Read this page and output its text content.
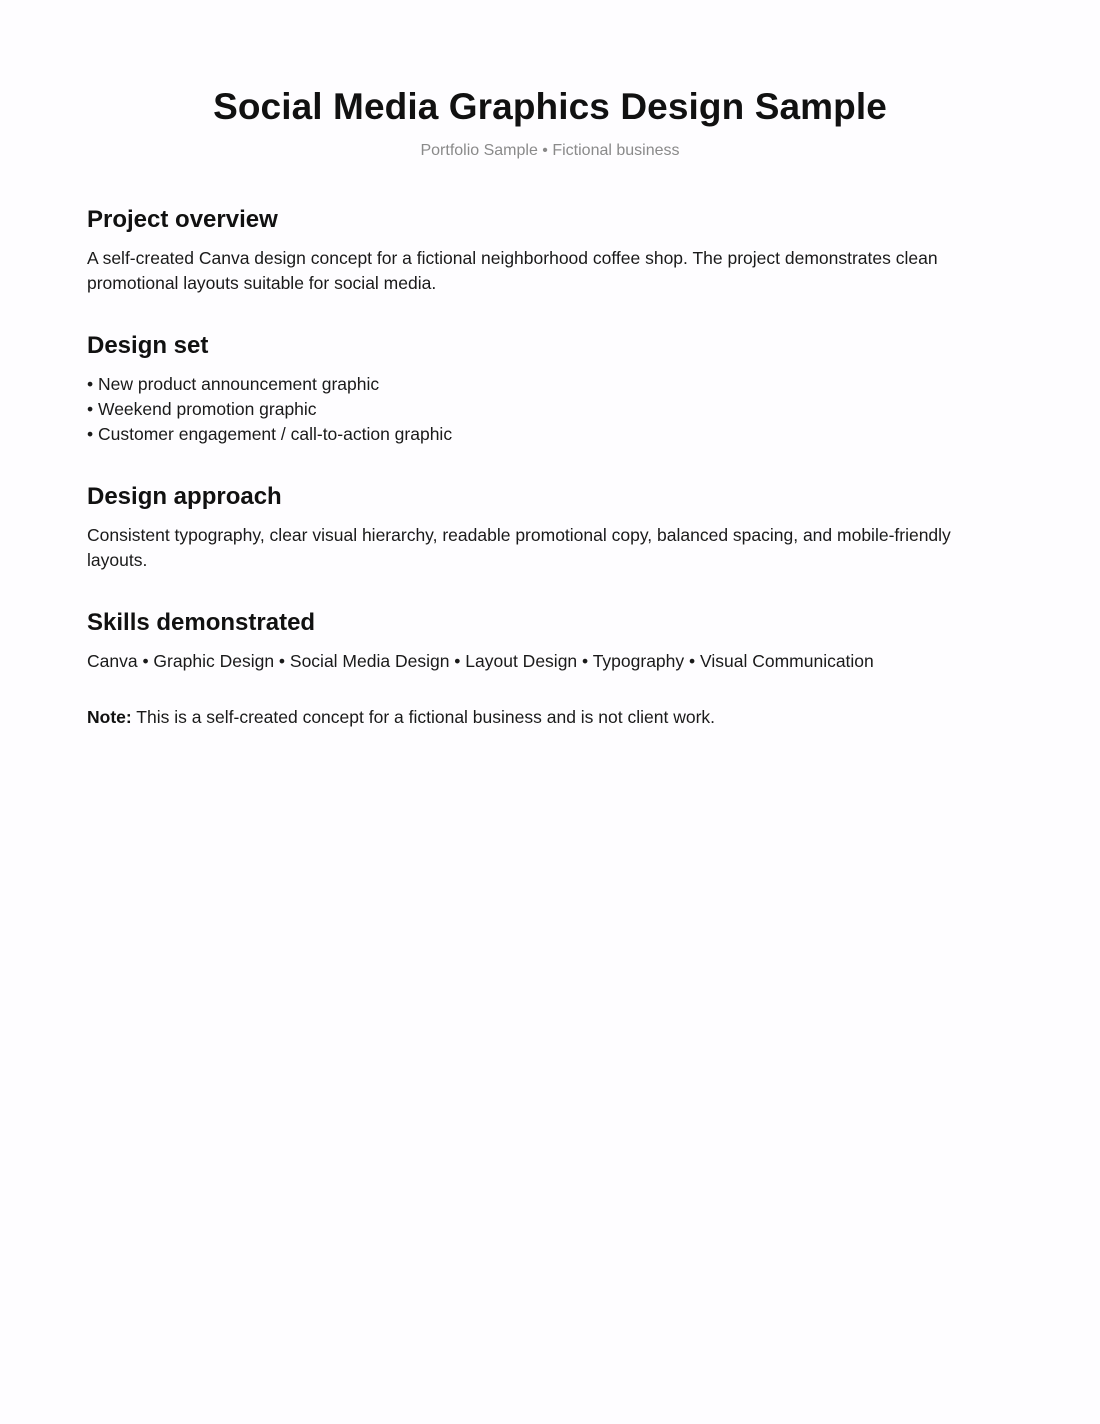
Social Media Graphics Design Sample
Portfolio Sample • Fictional business
Project overview

A self-created Canva design concept for a fictional neighborhood coffee shop. The project demonstrates clean promotional layouts suitable for social media.

Design set
• New product announcement graphic
• Weekend promotion graphic
• Customer engagement / call-to-action graphic
Design approach

Consistent typography, clear visual hierarchy, readable promotional copy, balanced spacing, and mobile-friendly layouts.

Skills demonstrated

Canva • Graphic Design • Social Media Design • Layout Design • Typography • Visual Communication

Note: This is a self-created concept for a fictional business and is not client work.
